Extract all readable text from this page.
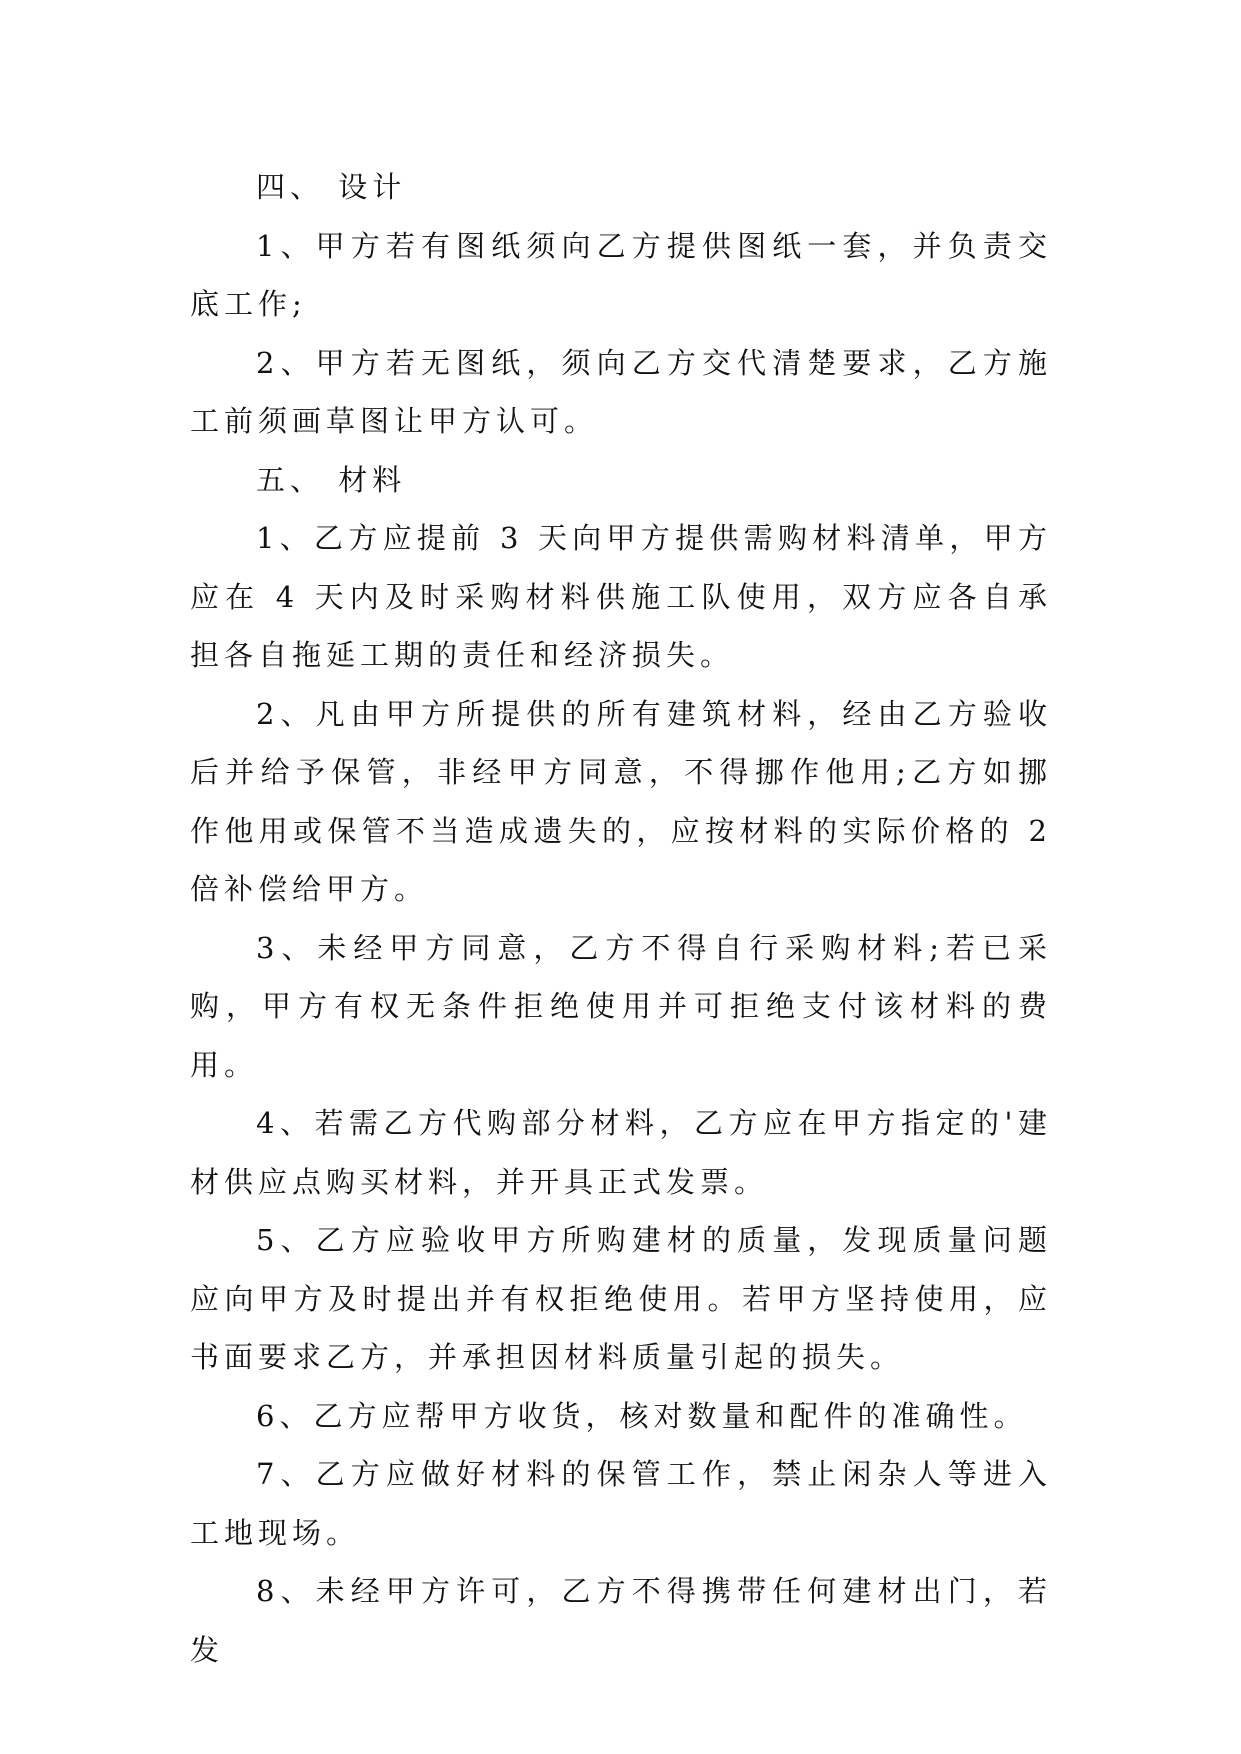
四、 设计

1、甲方若有图纸须向乙方提供图纸一套，并负责交底工作;

2、甲方若无图纸，须向乙方交代清楚要求，乙方施工前须画草图让甲方认可。

五、 材料

1、乙方应提前 3 天向甲方提供需购材料清单，甲方应在 4 天内及时采购材料供施工队使用，双方应各自承担各自拖延工期的责任和经济损失。

2、凡由甲方所提供的所有建筑材料，经由乙方验收后并给予保管，非经甲方同意，不得挪作他用;乙方如挪作他用或保管不当造成遗失的，应按材料的实际价格的 2 倍补偿给甲方。

3、未经甲方同意，乙方不得自行采购材料;若已采购，甲方有权无条件拒绝使用并可拒绝支付该材料的费用。

4、若需乙方代购部分材料，乙方应在甲方指定的'建材供应点购买材料，并开具正式发票。

5、乙方应验收甲方所购建材的质量，发现质量问题应向甲方及时提出并有权拒绝使用。若甲方坚持使用，应书面要求乙方，并承担因材料质量引起的损失。

6、乙方应帮甲方收货，核对数量和配件的准确性。

7、乙方应做好材料的保管工作，禁止闲杂人等进入工地现场。

8、未经甲方许可，乙方不得携带任何建材出门，若发
